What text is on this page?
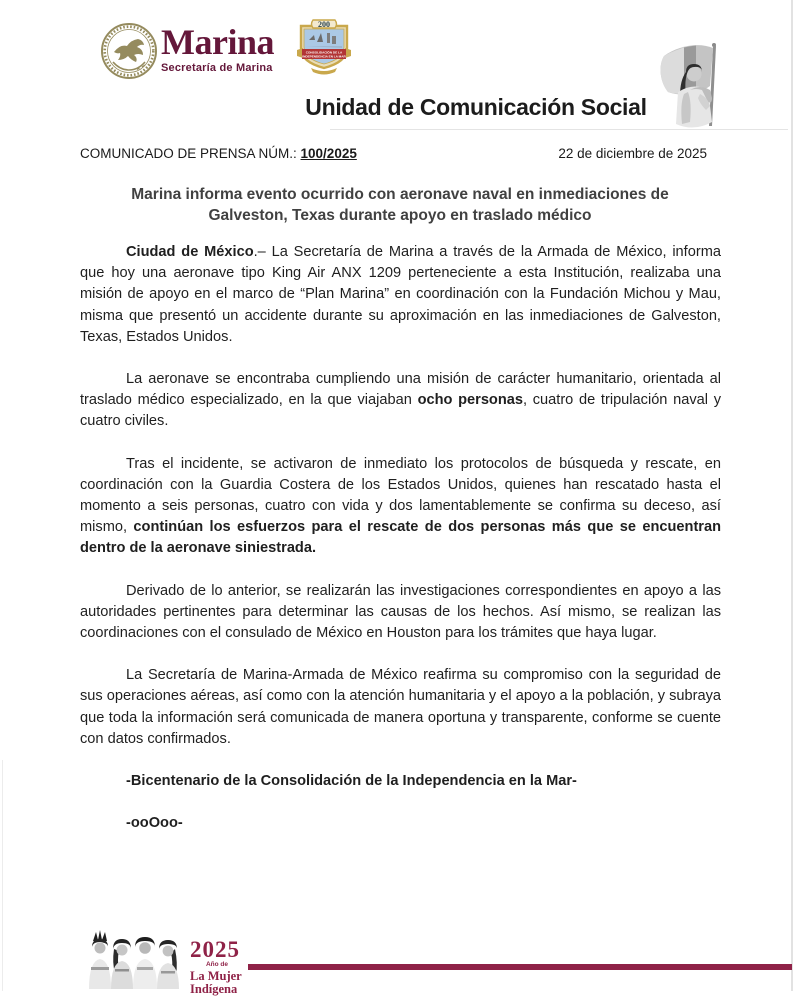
Marina
Secretaría de Marina
200
CONSOLIDACIÓN DE LA
INDEPENDENCIA EN LA MAR
Unidad de Comunicación Social
COMUNICADO DE PRENSA NÚM.: 100/2025	22 de diciembre de 2025
Marina informa evento ocurrido con aeronave naval en inmediaciones de Galveston, Texas durante apoyo en traslado médico

Ciudad de México.– La Secretaría de Marina a través de la Armada de México, informa que hoy una aeronave tipo King Air ANX 1209 perteneciente a esta Institución, realizaba una misión de apoyo en el marco de “Plan Marina” en coordinación con la Fundación Michou y Mau, misma que presentó un accidente durante su aproximación en las inmediaciones de Galveston, Texas, Estados Unidos.

La aeronave se encontraba cumpliendo una misión de carácter humanitario, orientada al traslado médico especializado, en la que viajaban ocho personas, cuatro de tripulación naval y cuatro civiles.

Tras el incidente, se activaron de inmediato los protocolos de búsqueda y rescate, en coordinación con la Guardia Costera de los Estados Unidos, quienes han rescatado hasta el momento a seis personas, cuatro con vida y dos lamentablemente se confirma su deceso, así mismo, continúan los esfuerzos para el rescate de dos personas más que se encuentran dentro de la aeronave siniestrada.

Derivado de lo anterior, se realizarán las investigaciones correspondientes en apoyo a las autoridades pertinentes para determinar las causas de los hechos. Así mismo, se realizan las coordinaciones con el consulado de México en Houston para los trámites que haya lugar.

La Secretaría de Marina-Armada de México reafirma su compromiso con la seguridad de sus operaciones aéreas, así como con la atención humanitaria y el apoyo a la población, y subraya que toda la información será comunicada de manera oportuna y transparente, conforme se cuente con datos confirmados.

-Bicentenario de la Consolidación de la Independencia en la Mar-

-ooOoo-

2025
Año de
La Mujer
Indígena
